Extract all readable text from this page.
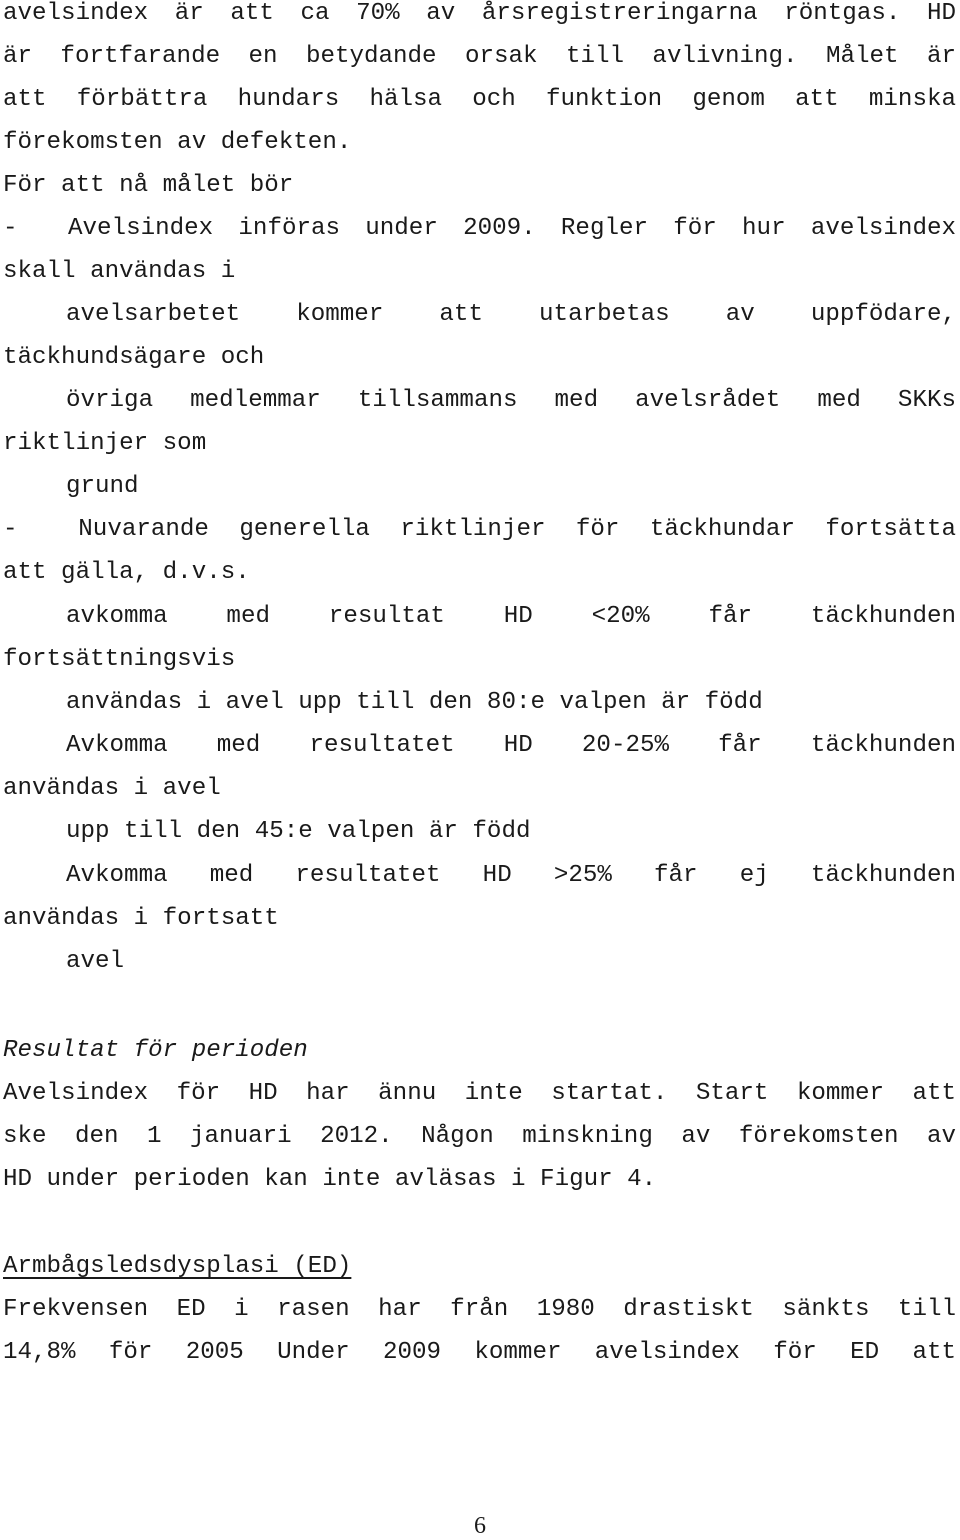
avelsindex är att ca 70% av årsregistreringarna röntgas. HD
är fortfarande en betydande orsak till avlivning. Målet är
att förbättra hundars hälsa och funktion genom att minska
förekomsten av defekten.
För att nå målet bör
-  Avelsindex införas under 2009. Regler för hur avelsindex
skall användas i
avelsarbetet kommer att utarbetas av uppfödare,
täckhundsägare och
övriga medlemmar tillsammans med avelsrådet med SKKs
riktlinjer som
grund
-  Nuvarande generella riktlinjer för täckhundar fortsätta
att gälla, d.v.s.
avkomma med resultat HD <20% får täckhunden
fortsättningsvis
användas i avel upp till den 80:e valpen är född
Avkomma med resultatet HD 20-25% får täckhunden
användas i avel
upp till den 45:e valpen är född
Avkomma med resultatet HD >25% får ej täckhunden
användas i fortsatt
avel
Resultat för perioden
Avelsindex för HD har ännu inte startat. Start kommer att
ske den 1 januari 2012. Någon minskning av förekomsten av
HD under perioden kan inte avläsas i Figur 4.
Armbågsledsdysplasi (ED)
Frekvensen ED i rasen har från 1980 drastiskt sänkts till
14,8% för 2005 Under 2009 kommer avelsindex för ED att
6
